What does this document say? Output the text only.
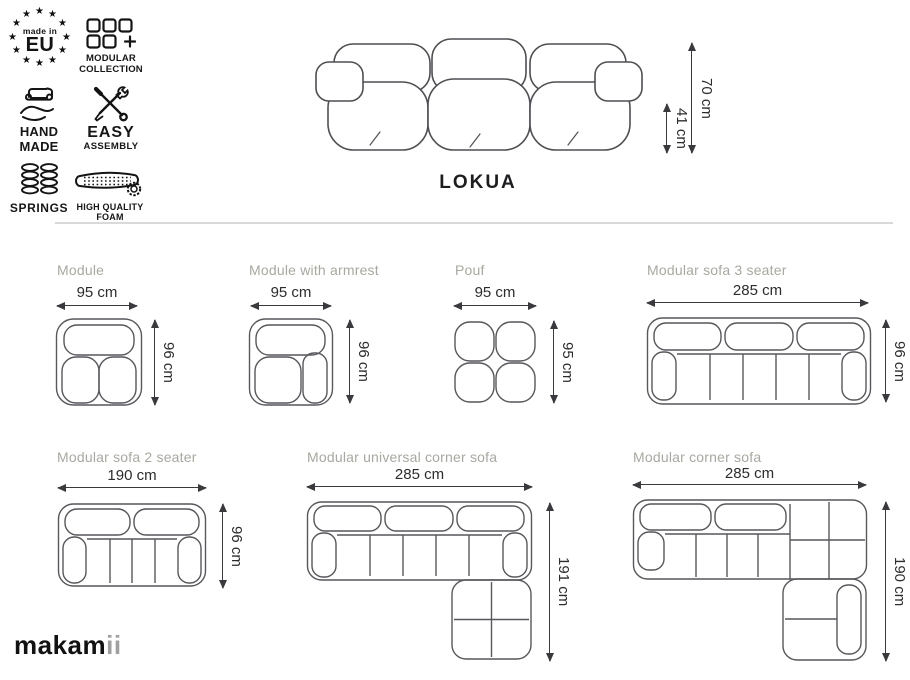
★ ★
★
★
★
★
★
★
★
★
★
★
made in
EU
MODULAR COLLECTION
HAND MADE
EASY
ASSEMBLY
SPRINGS HIGH QUALITY FOAM
LOKUA
41 cm
70 cm
Module
95 cm
96 cm
Module with armrest
95 cm
96 cm
Pouf
95 cm
95 cm
Modular sofa 3 seater
285 cm
96 cm
Modular sofa 2 seater
190 cm
96 cm
Modular universal corner sofa
285 cm
191 cm
Modular corner sofa
285 cm
190 cm
makamii
